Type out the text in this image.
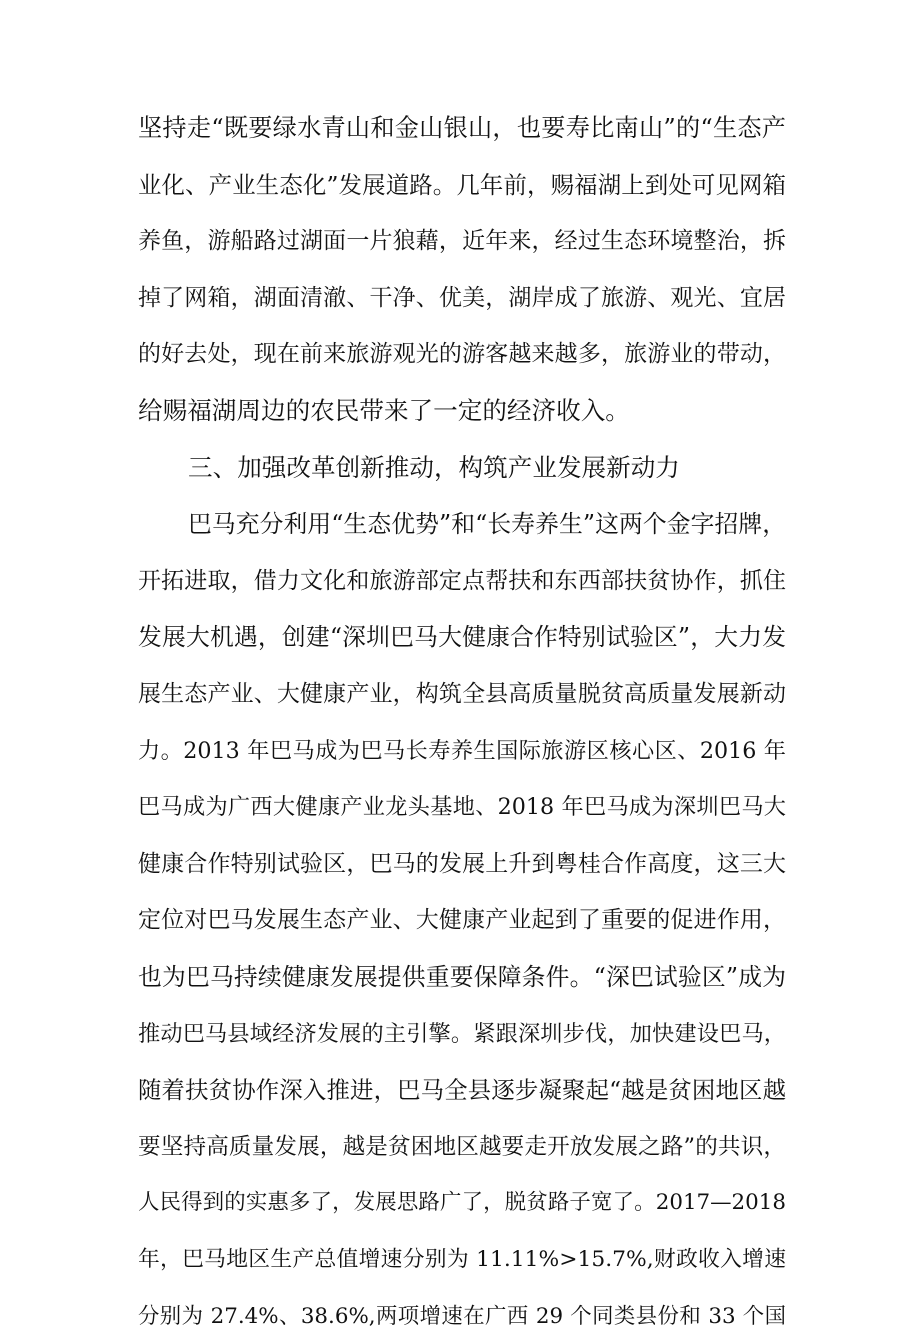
坚持走“既要绿水青山和金山银山，也要寿比南山”的“生态产
业化、产业生态化”发展道路。几年前，赐福湖上到处可见网箱
养鱼，游船路过湖面一片狼藉，近年来，经过生态环境整治，拆
掉了网箱，湖面清澈、干净、优美，湖岸成了旅游、观光、宜居
的好去处，现在前来旅游观光的游客越来越多，旅游业的带动，
给赐福湖周边的农民带来了一定的经济收入。
三、加强改革创新推动，构筑产业发展新动力
巴马充分利用“生态优势”和“长寿养生”这两个金字招牌，
开拓进取，借力文化和旅游部定点帮扶和东西部扶贫协作，抓住
发展大机遇，创建“深圳巴马大健康合作特别试验区”，大力发
展生态产业、大健康产业，构筑全县高质量脱贫高质量发展新动
力。2013 年巴马成为巴马长寿养生国际旅游区核心区、2016 年
巴马成为广西大健康产业龙头基地、2018 年巴马成为深圳巴马大
健康合作特别试验区，巴马的发展上升到粤桂合作高度，这三大
定位对巴马发展生态产业、大健康产业起到了重要的促进作用，
也为巴马持续健康发展提供重要保障条件。“深巴试验区”成为
推动巴马县域经济发展的主引擎。紧跟深圳步伐，加快建设巴马，
随着扶贫协作深入推进，巴马全县逐步凝聚起“越是贫困地区越
要坚持高质量发展，越是贫困地区越要走开放发展之路”的共识，
人民得到的实惠多了，发展思路广了，脱贫路子宽了。2017—2018
年，巴马地区生产总值增速分别为 11.11%>15.7%,财政收入增速
分别为 27.4%、38.6%,两项增速在广西 29 个同类县份和 33 个国
